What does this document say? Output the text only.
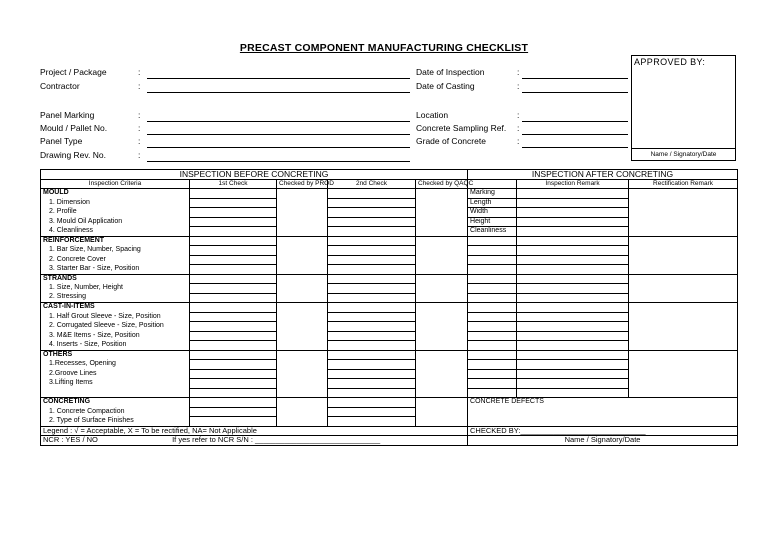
PRECAST COMPONENT MANUFACTURING CHECKLIST
APPROVED BY:
Name / Signatory/Date
Project / Package
Contractor
Panel Marking
Mould / Pallet No.
Panel Type
Drawing Rev. No.
:
:
:
:
:
:
Date of Inspection
Date of Casting
Location
Concrete Sampling Ref.
Grade of Concrete
:
:
:
:
:
INSPECTION BEFORE CONCRETING					INSPECTION AFTER CONCRETING		
Inspection Criteria	1st Check	Checked by PROD	2nd Check	Checked by QAQC		Inspection Remark	Rectification Remark
MOULD					Marking		
1. Dimension					Length		
2. Profile					Width		
3. Mould Oil Application					Height		
4. Cleanliness					Cleanliness		
REINFORCEMENT							
1. Bar Size, Number, Spacing							
2. Concrete Cover							
3. Starter Bar - Size, Position							
STRANDS							
1. Size, Number, Height							
2. Stressing							
CAST-IN-ITEMS							
1. Half Grout Sleeve - Size, Position							
2. Corrugated Sleeve - Size, Position							
3. M&E Items - Size, Position							
4. Inserts - Size, Position							
OTHERS							
1.Recesses, Opening							
2.Groove Lines							
3.Lifting Items							

CONCRETING					CONCRETE DEFECTS		
1. Concrete Compaction							
2. Type of Surface Finishes							
Legend : √ = Acceptable, X = To be rectified, NA= Not Applicable					CHECKED BY:______________________________		
NCR : YES / NO If yes refer to NCR S/N : ______________________________					Name / Signatory/Date		
